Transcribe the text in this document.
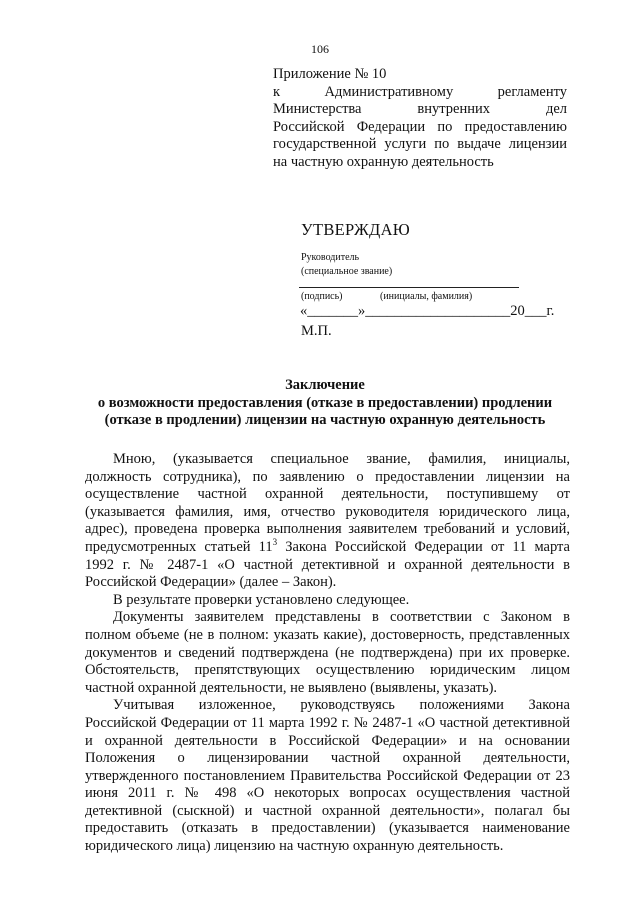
106
Приложение № 10
к Административному регламенту
Министерства внутренних дел
Российской Федерации по предоставлению
государственной услуги по выдаче лицензии
на частную охранную деятельность
УТВЕРЖДАЮ
Руководитель
(специальное звание)
(подпись)	(инициалы, фамилия)
«_______»____________________20___г.
М.П.
Заключение
о возможности предоставления (отказе в предоставлении) продлении
(отказе в продлении) лицензии на частную охранную деятельность
Мною, (указывается специальное звание, фамилия, инициалы,
должность сотрудника), по заявлению о предоставлении лицензии на
осуществление частной охранной деятельности, поступившему от
(указывается фамилия, имя, отчество руководителя юридического лица,
адрес), проведена проверка выполнения заявителем требований и условий,
предусмотренных статьей $11^3$ Закона Российской Федерации от 11 марта
1992 г. № 2487-1 «О частной детективной и охранной деятельности в
Российской Федерации» (далее – Закон).
В результате проверки установлено следующее.
Документы заявителем представлены в соответствии с Законом в
полном объеме (не в полном: указать какие), достоверность, представленных
документов и сведений подтверждена (не подтверждена) при их проверке.
Обстоятельств, препятствующих осуществлению юридическим лицом
частной охранной деятельности, не выявлено (выявлены, указать).
Учитывая изложенное, руководствуясь положениями Закона
Российской Федерации от 11 марта 1992 г. № 2487-1 «О частной детективной
и охранной деятельности в Российской Федерации» и на основании
Положения о лицензировании частной охранной деятельности,
утвержденного постановлением Правительства Российской Федерации от 23
июня 2011 г. № 498 «О некоторых вопросах осуществления частной
детективной (сыскной) и частной охранной деятельности», полагал бы
предоставить (отказать в предоставлении) (указывается наименование
юридического лица) лицензию на частную охранную деятельность.
